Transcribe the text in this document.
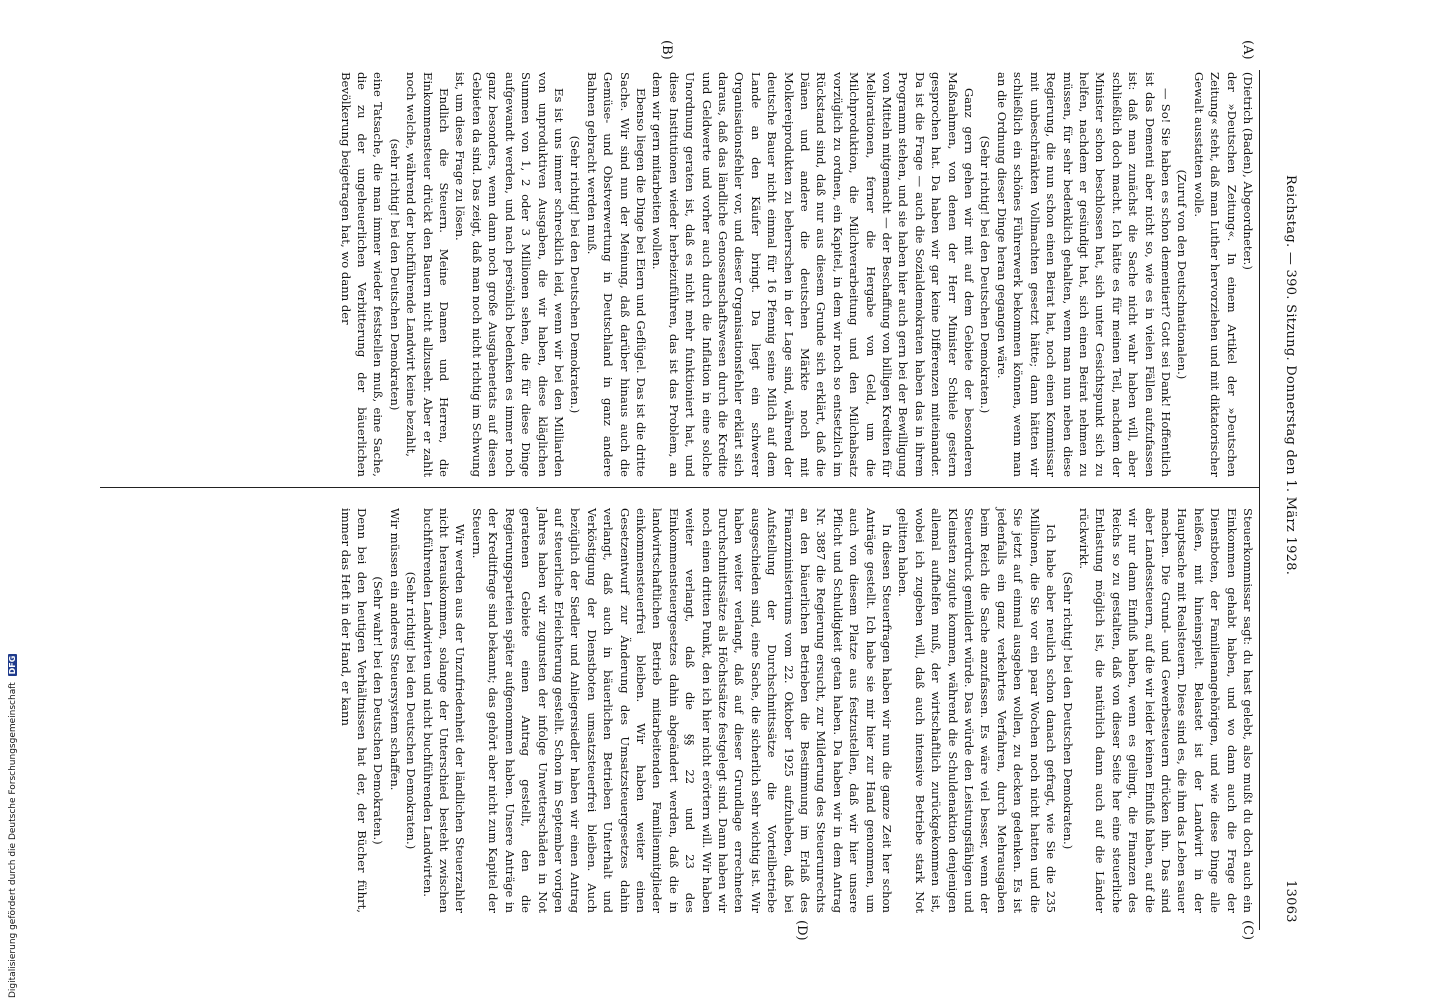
Reichstag. — 390. Sitzung. Donnerstag den 1. März 1928.
13063
(A)
(B)
(C)
(D)

(Dietrich (Baden), Abgeordneter.)

der »Deutschen Zeitung«. In einem Artikel der »Deutschen Zeitung« steht, daß man Luther hervorziehen und mit diktatorischer Gewalt ausstatten wolle.

(Zuruf von den Deutschnationalen.)

— So! Sie haben es schon dementiert? Gott sei Dank! Hoffentlich ist das Dementi aber nicht so, wie es in vielen Fällen aufzufassen ist: daß man zunächst die Sache nicht wahr haben will, aber schließlich doch macht. Ich hätte es für meinen Teil, nachdem der Minister schon beschlossen hat, sich unter Gesichtspunkt sich zu helfen, nachdem er gesündigt hat, sich einen Beirat nehmen zu müssen, für sehr bedenklich gehalten, wenn man nun neben diese Regierung, die nun schon einen Beirat hat, noch einen Kommissar mit unbeschränkten Vollmachten gesetzt hätte; dann hätten wir schließlich ein schönes Führerwerk bekommen können, wenn man an die Ordnung dieser Dinge heran gegangen wäre.

(Sehr richtig! bei den Deutschen Demokraten.)

Ganz gern gehen wir mit auf dem Gebiete der besonderen Maßnahmen, von denen der Herr Minister Schiele gestern gesprochen hat. Da haben wir gar keine Differenzen miteinander. Da ist die Frage — auch die Sozialdemokraten haben das in ihrem Programm stehen, und sie haben hier auch gern bei der Bewilligung von Mitteln mitgemacht — der Beschaffung von billigen Krediten für Meliorationen, ferner die Hergabe von Geld, um die Milchproduktion, die Milchverarbeitung und den Milchabsatz vorzüglich zu ordnen, ein Kapitel, in dem wir noch so entsetzlich im Rückstand sind, daß nur aus diesem Grunde sich erklärt, daß die Dänen und andere die deutschen Märkte noch mit Molkereiprodukten zu beherrschen in der Lage sind, während der deutsche Bauer nicht einmal für 16 Pfennig seine Milch auf dem Lande an den Käufer bringt. Da liegt ein schwerer Organisationsfehler vor, und dieser Organisationsfehler erklärt sich daraus, daß das ländliche Genossenschaftswesen durch die Kredite und Geldwerte und vorher auch durch die Inflation in eine solche Unordnung geraten ist, daß es nicht mehr funktioniert hat, und diese Institutionen wieder herbeizuführen, das ist das Problem, an dem wir gern mitarbeiten wollen.

Ebenso liegen die Dinge bei Eiern und Geflügel. Das ist die dritte Sache. Wir sind nun der Meinung, daß darüber hinaus auch die Gemüse- und Obstverwertung in Deutschland in ganz andere Bahnen gebracht werden muß.

(Sehr richtig! bei den Deutschen Demokraten.)

Es ist uns immer schrecklich leid, wenn wir bei den Milliarden von unproduktiven Ausgaben, die wir haben, diese kläglichen Summen von 1, 2 oder 3 Millionen sehen, die für diese Dinge aufgewandt werden, und nach persönlich bedenken es immer noch ganz besonders, wenn dann noch große Ausgabenetats auf diesen Gebieten da sind. Das zeigt, daß man noch nicht richtig im Schwung ist, um diese Frage zu lösen.

Endlich die Steuern. Meine Damen und Herren, die Einkommensteuer drückt den Bauern nicht allzusehr. Aber er zahlt noch welche, während der buchführende Landwirt keine bezahlt,

(sehr richtig! bei den Deutschen Demokraten)

eine Tatsache, die man immer wieder feststellen muß, eine Sache, die zu der ungeheuerlichen Verbitterung der bäuerlichen Bevölkerung beigetragen hat, wo dann der

Steuerkommissar sagt: du hast gelebt, also mußt du doch auch ein Einkommen gehabt haben, und wo dann auch die Frage der Dienstboten, der Familienangehörigen, und wie diese Dinge alle heißen, mit hineinspielt. Belastet ist der Landwirt in der Hauptsache mit Realsteuern. Diese sind es, die ihm das Leben sauer machen. Die Grund- und Gewerbesteuern drücken ihn. Das sind aber Landessteuern, auf die wir leider keinen Einfluß haben, auf die wir nur dann Einfluß haben, wenn es gelingt, die Finanzen des Reichs so zu gestalten, daß von dieser Seite her eine steuerliche Entlastung möglich ist, die natürlich dann auch auf die Länder rückwirkt.

(Sehr richtig! bei den Deutschen Demokraten.)

Ich habe aber neulich schon danach gefragt, wie Sie die 235 Millionen, die Sie vor ein paar Wochen noch nicht hatten und die Sie jetzt auf einmal ausgeben wollen, zu decken gedenken. Es ist jedenfalls ein ganz verkehrtes Verfahren, durch Mehrausgaben beim Reich die Sache anzufassen. Es wäre viel besser, wenn der Steuerdruck gemildert würde. Das würde den Leistungsfähigen und Kleinsten zugute kommen, während die Schuldenaktion denjenigen allemal aufhelfen muß, der wirtschaftlich zurückgekommen ist, wobei ich zugeben will, daß auch intensive Betriebe stark Not gelitten haben.

In diesen Steuerfragen haben wir nun die ganze Zeit her schon Anträge gestellt. Ich habe sie mir hier zur Hand genommen, um auch von diesem Platze aus festzustellen, daß wir hier unsere Pflicht und Schuldigkeit getan haben. Da haben wir in dem Antrag Nr. 3887 die Regierung ersucht, zur Milderung des Steuerunrechts an den bäuerlichen Betrieben die Bestimmung im Erlaß des Finanzministeriums vom 22. Oktober 1925 aufzuheben, daß bei Aufstellung der Durchschnittssätze die Vorteilbetriebe ausgeschieden sind, eine Sache, die sicherlich sehr wichtig ist. Wir haben weiter verlangt, daß auf dieser Grundlage errechneten Durchschnittssätze als Höchstsätze festgelegt sind. Dann haben wir noch einen dritten Punkt, den ich hier nicht erörtern will. Wir haben weiter verlangt, daß die §§ 22 und 23 des Einkommensteuergesetzes dahin abgeändert werden, daß die in landwirtschaftlichen Betrieb mitarbeitenden Familienmitglieder einkommensteuerfrei bleiben. Wir haben weiter einen Gesetzentwurf zur Änderung des Umsatzsteuergesetzes dahin verlangt, daß auch in bäuerlichen Betrieben Unterhalt und Verköstigung der Dienstboten umsatzsteuerfrei bleiben. Auch bezüglich der Siedler und Anliegersiedler haben wir einen Antrag auf steuerliche Erleichterung gestellt. Schon im September vorigen Jahres haben wir zugunsten der infolge Unwetterschäden in Not geratenen Gebiete einen Antrag gestellt, den die Regierungsparteien später aufgenommen haben. Unsere Anträge in der Kreditfrage sind bekannt; das gehört aber nicht zum Kapitel der Steuern.

Wir werden aus der Unzufriedenheit der ländlichen Steuerzahler nicht herauskommen, solange der Unterschied besteht zwischen buchführenden Landwirten und nicht buchführenden Landwirten.

(Sehr richtig! bei den Deutschen Demokraten.)

Wir müssen ein anderes Steuersystem schaffen.

(Sehr wahr! bei den Deutschen Demokraten.)

Denn bei den heutigen Verhältnissen hat der, der Bücher führt, immer das Heft in der Hand, er kann

Digitalisierung gefördert durch die Deutsche Forschungsgemeinschaft DFG
